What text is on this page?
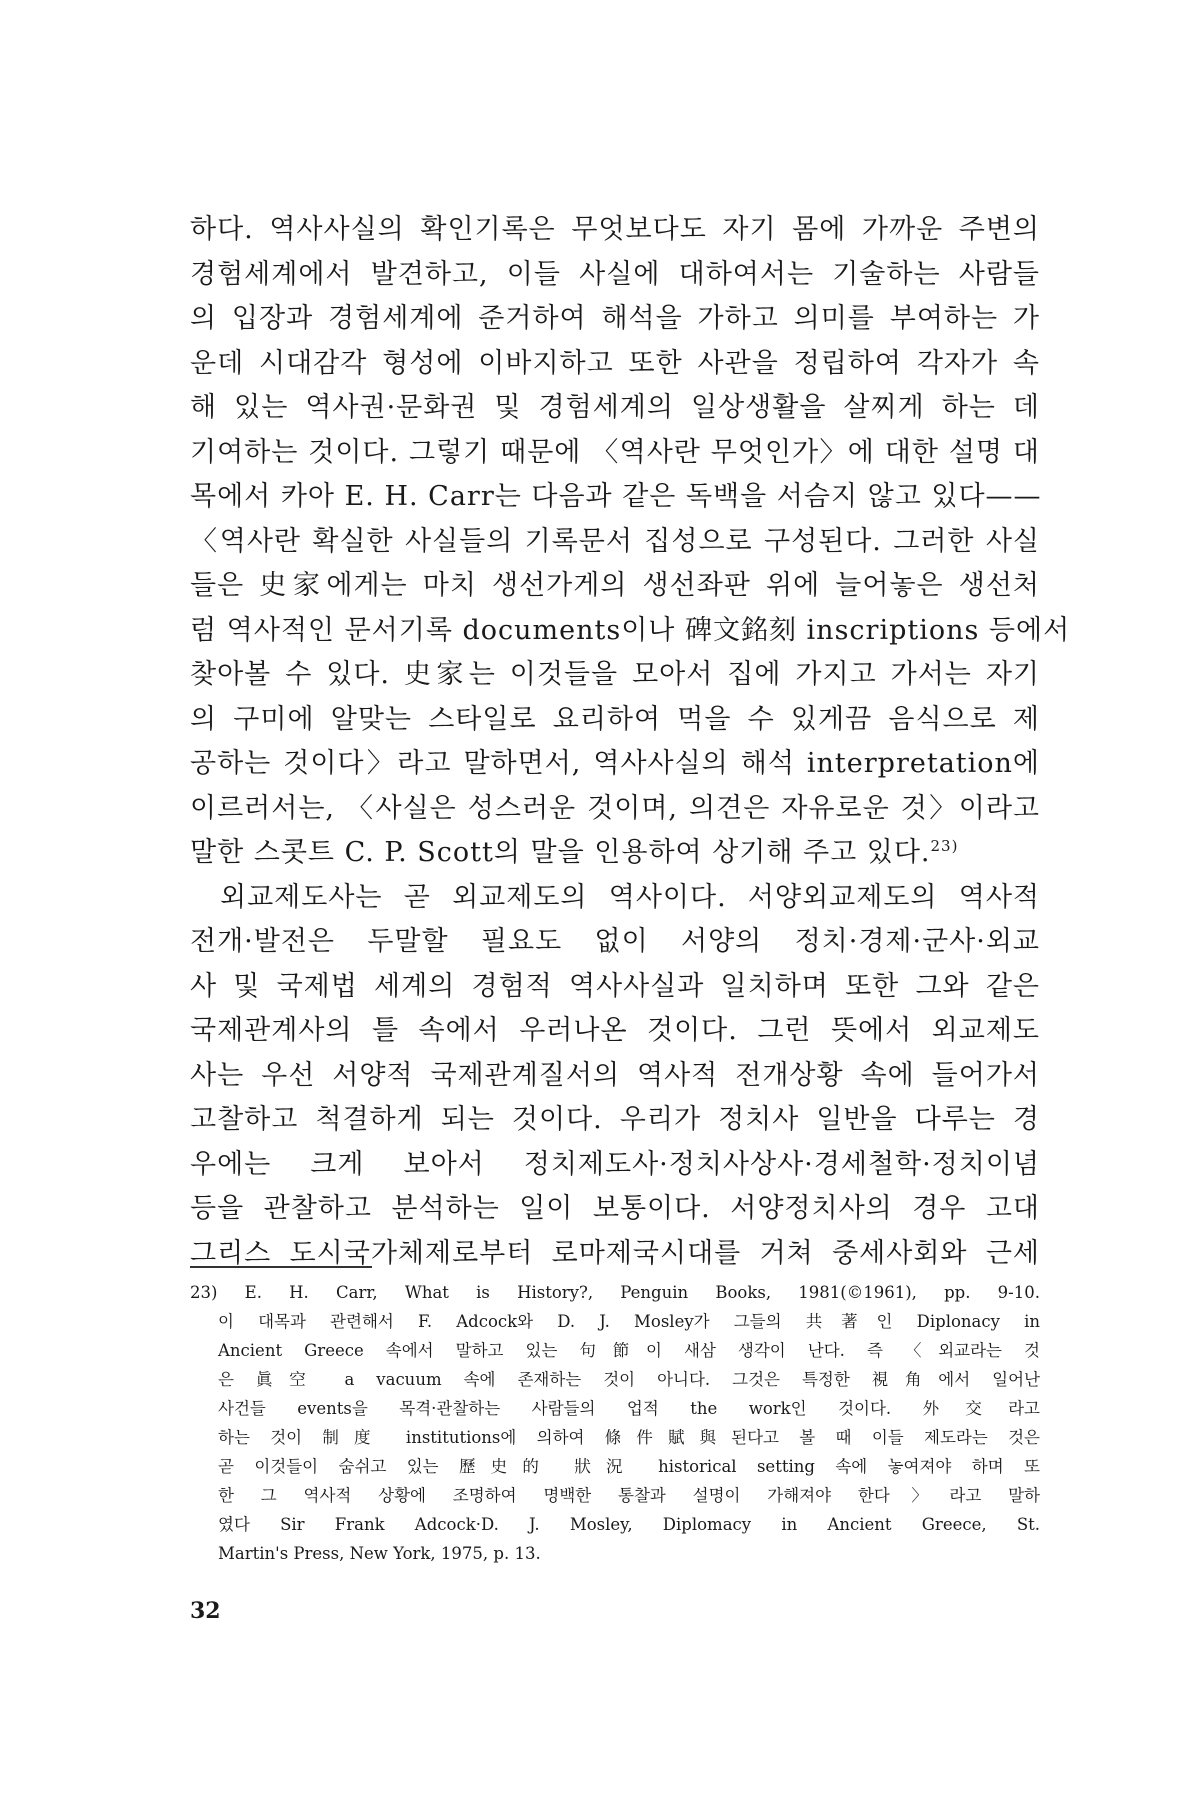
하다. 역사사실의 확인기록은 무엇보다도 자기 몸에 가까운 주변의
경험세계에서 발견하고, 이들 사실에 대하여서는 기술하는 사람들
의 입장과 경험세계에 준거하여 해석을 가하고 의미를 부여하는 가
운데 시대감각 형성에 이바지하고 또한 사관을 정립하여 각자가 속
해 있는 역사권·문화권 및 경험세계의 일상생활을 살찌게 하는 데
기여하는 것이다. 그렇기 때문에 〈역사란 무엇인가〉에 대한 설명 대
목에서 카아 E. H. Carr는 다음과 같은 독백을 서슴지 않고 있다——
〈역사란 확실한 사실들의 기록문서 집성으로 구성된다. 그러한 사실
들은 史家에게는 마치 생선가게의 생선좌판 위에 늘어놓은 생선처
럼 역사적인 문서기록 documents이나 碑文銘刻 inscriptions 등에서
찾아볼 수 있다. 史家는 이것들을 모아서 집에 가지고 가서는 자기
의 구미에 알맞는 스타일로 요리하여 먹을 수 있게끔 음식으로 제
공하는 것이다〉라고 말하면서, 역사사실의 해석 interpretation에
이르러서는, 〈사실은 성스러운 것이며, 의견은 자유로운 것〉이라고
말한 스콧트 C. P. Scott의 말을 인용하여 상기해 주고 있다.$^{23)}$
외교제도사는 곧 외교제도의 역사이다. 서양외교제도의 역사적
전개·발전은 두말할 필요도 없이 서양의 정치·경제·군사·외교
사 및 국제법 세계의 경험적 역사사실과 일치하며 또한 그와 같은
국제관계사의 틀 속에서 우러나온 것이다. 그런 뜻에서 외교제도
사는 우선 서양적 국제관계질서의 역사적 전개상황 속에 들어가서
고찰하고 척결하게 되는 것이다. 우리가 정치사 일반을 다루는 경
우에는 크게 보아서 정치제도사·정치사상사·경세철학·정치이념
등을 관찰하고 분석하는 일이 보통이다. 서양정치사의 경우 고대
그리스 도시국가체제로부터 로마제국시대를 거쳐 중세사회와 근세
23) E. H. Carr, What is History?, Penguin Books, 1981(©1961), pp. 9-10.
이 대목과 관련해서 F. Adcock와 D. J. Mosley가 그들의 共著인 Diplonacy in
Ancient Greece 속에서 말하고 있는 句節이 새삼 생각이 난다. 즉 〈외교라는 것
은 眞空 a vacuum 속에 존재하는 것이 아니다. 그것은 특정한 視角에서 일어난
사건들 events을 목격·관찰하는 사람들의 업적 the work인 것이다. 外交라고
하는 것이 制度 institutions에 의하여 條件賦與된다고 볼 때 이들 제도라는 것은
곧 이것들이 숨쉬고 있는 歷史的 狀況 historical setting 속에 놓여져야 하며 또
한 그 역사적 상황에 조명하여 명백한 통찰과 설명이 가해져야 한다〉라고 말하
였다 Sir Frank Adcock·D. J. Mosley, Diplomacy in Ancient Greece, St.
Martin's Press, New York, 1975, p. 13.
32
